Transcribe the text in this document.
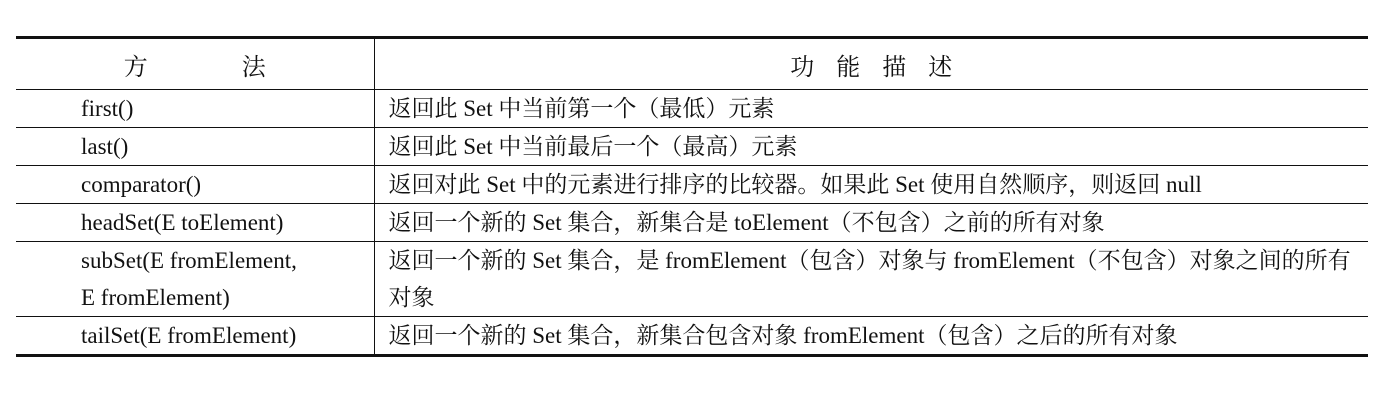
方 法	功 能 描 述
first()	返回此 Set 中当前第一个（最低）元素
last()	返回此 Set 中当前最后一个（最高）元素
comparator()	返回对此 Set 中的元素进行排序的比较器。如果此 Set 使用自然顺序，则返回 null
headSet(E toElement)	返回一个新的 Set 集合，新集合是 toElement（不包含）之前的所有对象
subSet(E fromElement,
E fromElement)	返回一个新的 Set 集合，是 fromElement（包含）对象与 fromElement（不包含）对象之间的所有对象
tailSet(E fromElement)	返回一个新的 Set 集合，新集合包含对象 fromElement（包含）之后的所有对象
